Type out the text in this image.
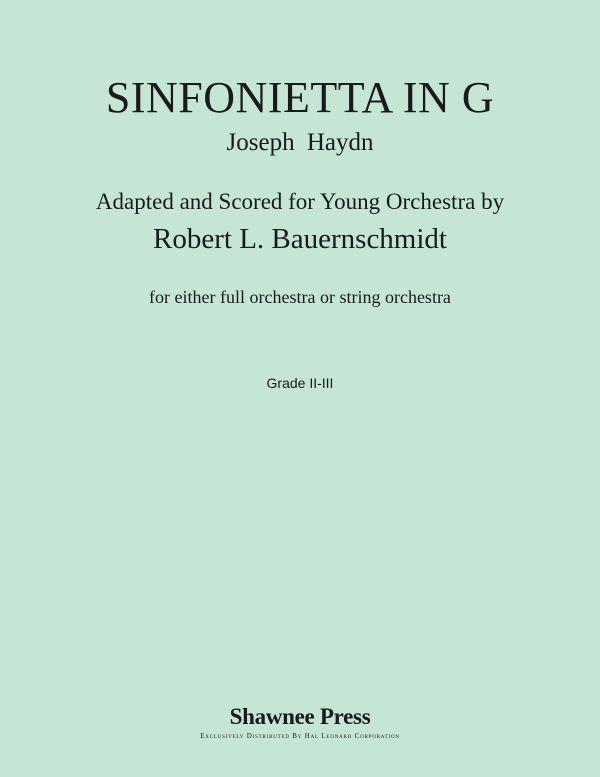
SINFONIETTA IN G
Joseph Haydn
Adapted and Scored for Young Orchestra by
Robert L. Bauernschmidt
for either full orchestra or string orchestra
Grade II-III
Shawnee Press
Exclusively Distributed By Hal Leonard Corporation
